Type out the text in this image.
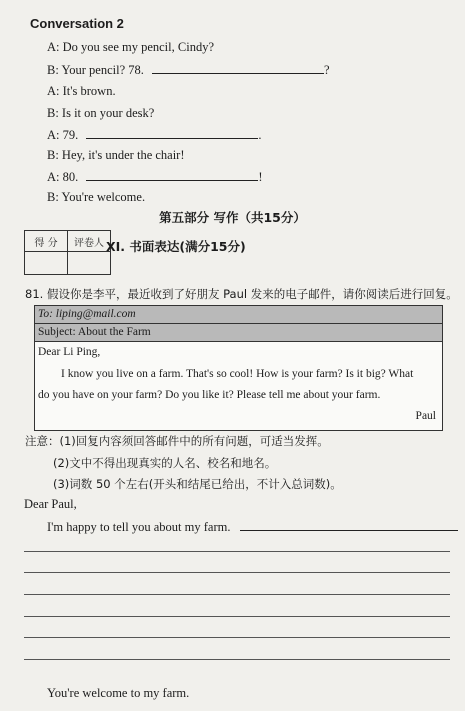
Conversation 2
A: Do you see my pencil, Cindy?
B: Your pencil? 78.	?
A: It's brown.
B: Is it on your desk?
A: 79.	.
B: Hey, it's under the chair!
A: 80.	!
B: You're welcome.
第五部分 写作（共15分）
得 分	评卷人
	XI. 书面表达(满分15分)
81. 假设你是李平，最近收到了好朋友 Paul 发来的电子邮件，请你阅读后进行回复。
To: liping@mail.com
Subject: About the Farm
Dear Li Ping,
I know you live on a farm. That's so cool! How is your farm? Is it big? What
do you have on your farm? Do you like it? Please tell me about your farm.
Paul
注意：(1)回复内容须回答邮件中的所有问题，可适当发挥。
(2)文中不得出现真实的人名、校名和地名。
(3)词数 50 个左右(开头和结尾已给出，不计入总词数)。
Dear Paul,
I'm happy to tell you about my farm.
You're welcome to my farm.
